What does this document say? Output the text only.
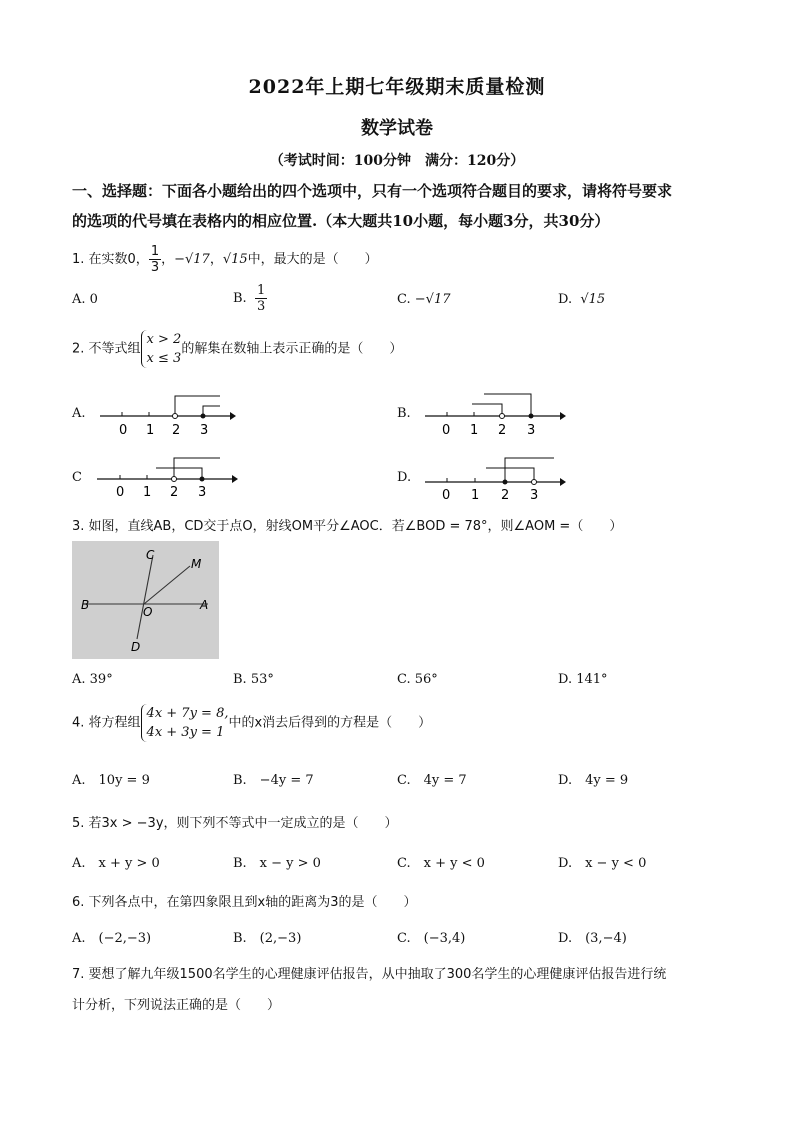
2022年上期七年级期末质量检测
数学试卷
（考试时间：100分钟　满分：120分）
一、选择题：下面各小题给出的四个选项中，只有一个选项符合题目的要求，请将符号要求
的选项的代号填在表格内的相应位置.（本大题共10小题，每小题3分，共30分）
1. 在实数0， $\frac{1}{3}$ ，−√17，√15中，最大的是（　　）
A. 0	B. $\frac{1}{3}$	C. −√17	D. √15
2. 不等式组
x > 2
x ≤ 3
的解集在数轴上表示正确的是（　　）
A.
0 1 2 3
B.
0 1 2 3
C
0 1 2 3
D.
0 1 2 3
3. 如图，直线AB，CD交于点O，射线OM平分∠AOC．若∠BOD = 78°，则∠AOM =（　　）
C
M
B	O	A
D
A. 39°	B. 53°	C. 56°	D. 141°
4. 将方程组
4x + 7y = 8,
4x + 3y = 1
中的x消去后得到的方程是（　　）
A.　10y = 9	B.　−4y = 7	C.　4y = 7	D.　4y = 9
5. 若3x > −3y，则下列不等式中一定成立的是（　　）
A.　x + y > 0	B.　x − y > 0	C.　x + y < 0	D.　x − y < 0
6. 下列各点中，在第四象限且到x轴的距离为3的是（　　）
A.　(−2,−3)	B.　(2,−3)	C.　(−3,4)	D.　(3,−4)
7. 要想了解九年级1500名学生的心理健康评估报告，从中抽取了300名学生的心理健康评估报告进行统
计分析，下列说法正确的是（　　）
